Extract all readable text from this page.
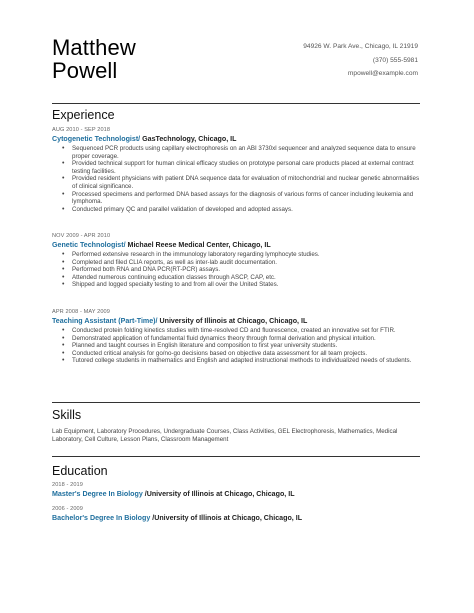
Matthew
Powell
94926 W. Park Ave., Chicago, IL 21919
(370) 555-5981
mpowell@example.com
Experience
AUG 2010 - SEP 2018
Cytogenetic Technologist/ GasTechnology, Chicago, IL
• Sequenced PCR products using capillary electrophoresis on an ABI 3730xl sequencer and analyzed sequence data to ensure proper coverage.
• Provided technical support for human clinical efficacy studies on prototype personal care products placed at external contract testing facilities.
• Provided resident physicians with patient DNA sequence data for evaluation of mitochondrial and nuclear genetic abnormalities of clinical significance.
• Processed specimens and performed DNA based assays for the diagnosis of various forms of cancer including leukemia and lymphoma.
• Conducted primary QC and parallel validation of developed and adopted assays.
NOV 2009 - APR 2010
Genetic Technologist/ Michael Reese Medical Center, Chicago, IL
• Performed extensive research in the immunology laboratory regarding lymphocyte studies.
• Completed and filed CLIA reports, as well as inter-lab audit documentation.
• Performed both RNA and DNA PCR(RT-PCR) assays.
• Attended numerous continuing education classes through ASCP, CAP, etc.
• Shipped and logged specialty testing to and from all over the United States.
APR 2008 - MAY 2009
Teaching Assistant (Part-Time)/ University of Illinois at Chicago, Chicago, IL
• Conducted protein folding kinetics studies with time-resolved CD and fluorescence, created an innovative set for FTIR.
• Demonstrated application of fundamental fluid dynamics theory through formal derivation and physical intuition.
• Planned and taught courses in English literature and composition to first year university students.
• Conducted critical analysis for go/no-go decisions based on objective data assessment for all team projects.
• Tutored college students in mathematics and English and adapted instructional methods to individualized needs of students.
Skills
Lab Equipment, Laboratory Procedures, Undergraduate Courses, Class Activities, GEL Electrophoresis, Mathematics, Medical Laboratory, Cell Culture, Lesson Plans, Classroom Management
Education
2018 - 2019
Master's Degree In Biology /University of Illinois at Chicago, Chicago, IL
2006 - 2009
Bachelor's Degree In Biology /University of Illinois at Chicago, Chicago, IL
